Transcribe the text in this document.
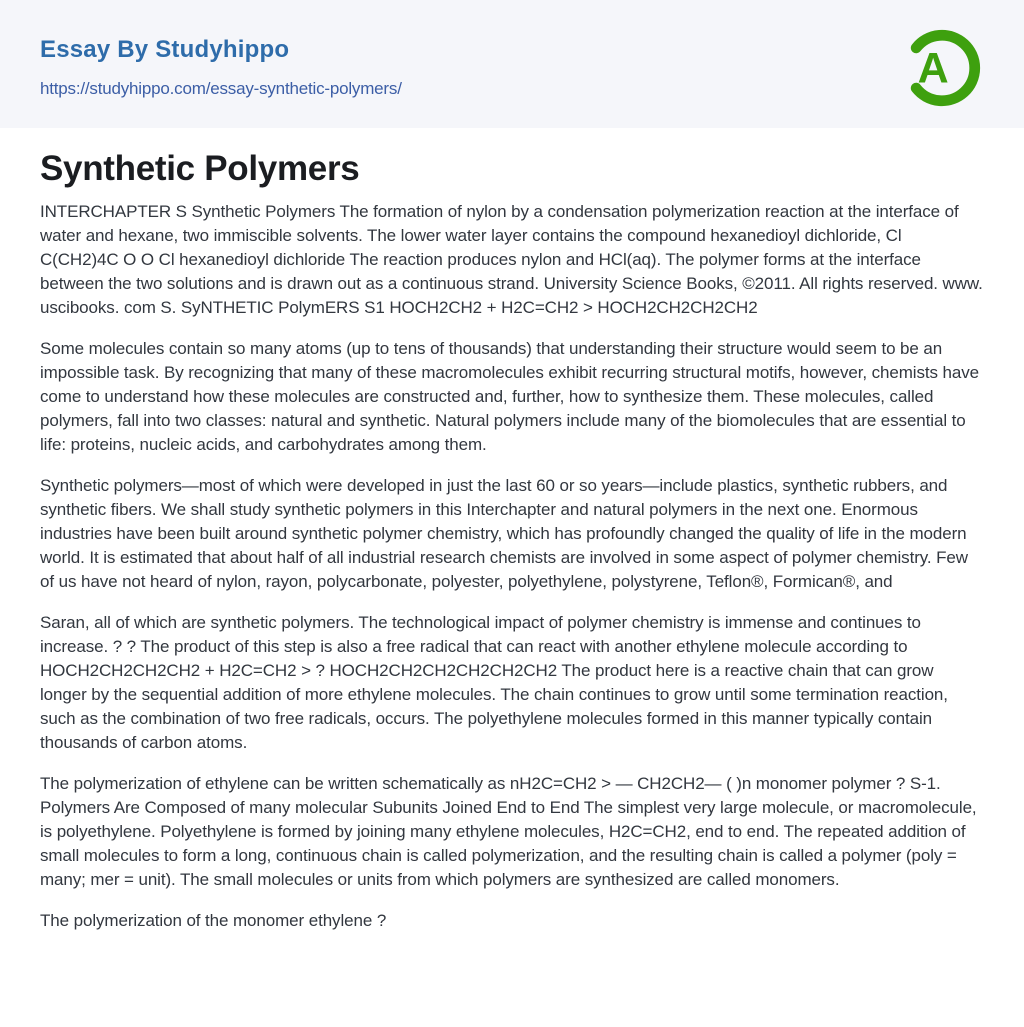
Essay By Studyhippo
https://studyhippo.com/essay-synthetic-polymers/	A
Synthetic Polymers

INTERCHAPTER S Synthetic Polymers The formation of nylon by a condensation polymerization reaction at the interface of water and hexane, two immiscible solvents. The lower water layer contains the compound hexanedioyl dichloride, Cl C(CH2)4C O O Cl hexanedioyl dichloride The reaction produces nylon and HCl(aq). The polymer forms at the interface between the two solutions and is drawn out as a continuous strand. University Science Books, ©2011. All rights reserved. www. uscibooks. com S. SyNTHETIC PolymERS S1 HOCH2CH2 + H2C=CH2 > HOCH2CH2CH2CH2

Some molecules contain so many atoms (up to tens of thousands) that understanding their structure would seem to be an impossible task. By recognizing that many of these macromolecules exhibit recurring structural motifs, however, chemists have come to understand how these molecules are constructed and, further, how to synthesize them. These molecules, called polymers, fall into two classes: natural and synthetic. Natural polymers include many of the biomolecules that are essential to life: proteins, nucleic acids, and carbohydrates among them.

Synthetic polymers—most of which were developed in just the last 60 or so years—include plastics, synthetic rubbers, and synthetic fibers. We shall study synthetic polymers in this Interchapter and natural polymers in the next one. Enormous industries have been built around synthetic polymer chemistry, which has profoundly changed the quality of life in the modern world. It is estimated that about half of all industrial research chemists are involved in some aspect of polymer chemistry. Few of us have not heard of nylon, rayon, polycarbonate, polyester, polyethylene, polystyrene, Teflon®, Formican®, and

Saran, all of which are synthetic polymers. The technological impact of polymer chemistry is immense and continues to increase. ? ? The product of this step is also a free radical that can react with another ethylene molecule according to HOCH2CH2CH2CH2 + H2C=CH2 > ? HOCH2CH2CH2CH2CH2CH2 The product here is a reactive chain that can grow longer by the sequential addition of more ethylene molecules. The chain continues to grow until some termination reaction, such as the combination of two free radicals, occurs. The polyethylene molecules formed in this manner typically contain thousands of carbon atoms.

The polymerization of ethylene can be written schematically as nH2C=CH2 > — CH2CH2— ( )n monomer polymer ? S-1. Polymers Are Composed of many molecular Subunits Joined End to End The simplest very large molecule, or macromolecule, is polyethylene. Polyethylene is formed by joining many ethylene molecules, H2C=CH2, end to end. The repeated addition of small molecules to form a long, continuous chain is called polymerization, and the resulting chain is called a polymer (poly = many; mer = unit). The small molecules or units from which polymers are synthesized are called monomers.

The polymerization of the monomer ethylene ?
